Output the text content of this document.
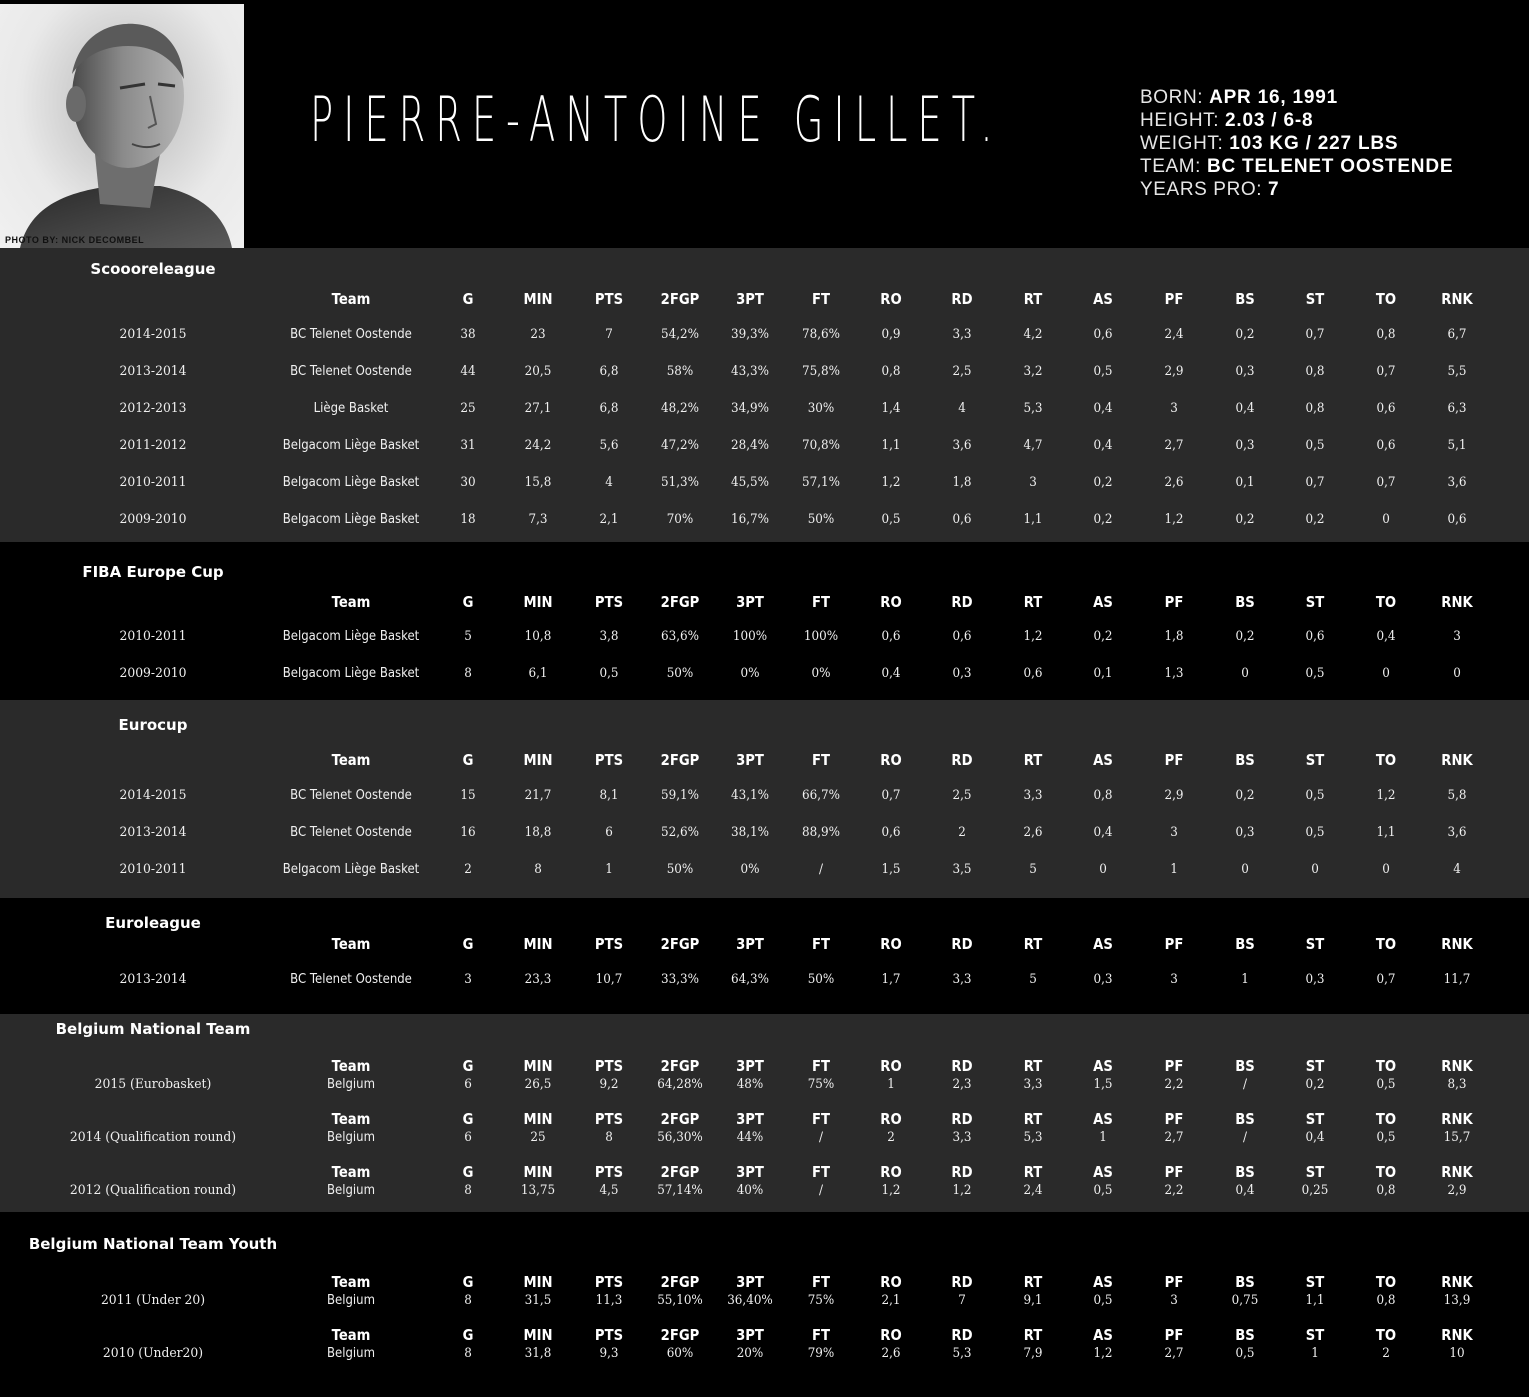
PHOTO BY: NICK DECOMBEL
PIERRE-ANTOINE GILLET.	BORN: APR 16, 1991
HEIGHT: 2.03 / 6-8
WEIGHT: 103 KG / 227 LBS
TEAM: BC TELENET OOSTENDE
YEARS PRO: 7
Scoooreleague
Team	G	MIN	PTS	2FGP 3PT	FT	RO	RD	RT	AS	PF	BS	ST	TO	RNK
2014-2015	BC Telenet Oostende	38	23	7	54,2% 39,3%	78,6%	0,9	3,3	4,2	0,6	2,4	0,2	0,7	0,8	6,7
2013-2014	BC Telenet Oostende	44	20,5	6,8	58%	43,3%	75,8%	0,8	2,5	3,2	0,5	2,9	0,3	0,8	0,7	5,5
2012-2013	Liège Basket	25	27,1	6,8	48,2% 34,9%	30%	1,4	4	5,3	0,4	3	0,4	0,8	0,6	6,3
2011-2012	Belgacom Liège Basket	31	24,2	5,6	47,2% 28,4%	70,8%	1,1	3,6	4,7	0,4	2,7	0,3	0,5	0,6	5,1
2010-2011	Belgacom Liège Basket	30	15,8	4	51,3% 45,5%	57,1%	1,2	1,8	3	0,2	2,6	0,1	0,7	0,7	3,6
2009-2010	Belgacom Liège Basket	18	7,3	2,1	70%	16,7%	50%	0,5	0,6	1,1	0,2	1,2	0,2	0,2	0	0,6
FIBA Europe Cup
Team	G	MIN	PTS	2FGP 3PT	FT	RO	RD	RT	AS	PF	BS	ST	TO	RNK
2010-2011	Belgacom Liège Basket	5	10,8	3,8	63,6%	100%	100%	0,6	0,6	1,2	0,2	1,8	0,2	0,6	0,4	3
2009-2010	Belgacom Liège Basket	8	6,1	0,5	50%	0%	0%	0,4	0,3	0,6	0,1	1,3	0	0,5	0	0
Eurocup
Team	G	MIN	PTS	2FGP 3PT	FT	RO	RD	RT	AS	PF	BS	ST	TO	RNK
2014-2015	BC Telenet Oostende	15	21,7	8,1	59,1% 43,1%	66,7%	0,7	2,5	3,3	0,8	2,9	0,2	0,5	1,2	5,8
2013-2014	BC Telenet Oostende	16	18,8	6	52,6% 38,1%	88,9%	0,6	2	2,6	0,4	3	0,3	0,5	1,1	3,6
2010-2011	Belgacom Liège Basket	2	8	1	50%	0%	/	1,5	3,5	5	0	1	0	0	0	4
Euroleague
Team	G	MIN	PTS	2FGP 3PT	FT	RO	RD	RT	AS	PF	BS	ST	TO	RNK
2013-2014	BC Telenet Oostende	3	23,3	10,7	33,3% 64,3%	50%	1,7	3,3	5	0,3	3	1	0,3	0,7	11,7
Belgium National Team
Team	G	MIN	PTS	2FGP 3PT	FT	RO	RD	RT	AS	PF	BS	ST	TO	RNK
2015 (Eurobasket)	Belgium	6	26,5	9,2	64,28%	48%	75%	1	2,3	3,3	1,5	2,2	/	0,2	0,5	8,3
Team	G	MIN	PTS	2FGP 3PT	FT	RO	RD	RT	AS	PF	BS	ST	TO	RNK
2014 (Qualification round)	Belgium	6	25	8	56,30%	44%	/	2	3,3	5,3	1	2,7	/	0,4	0,5	15,7
Team	G	MIN	PTS	2FGP 3PT	FT	RO	RD	RT	AS	PF	BS	ST	TO	RNK
2012 (Qualification round)	Belgium	8	13,75	4,5	57,14%	40%	/	1,2	1,2	2,4	0,5	2,2	0,4	0,25	0,8	2,9
Belgium National Team Youth
Team	G	MIN	PTS	2FGP 3PT	FT	RO	RD	RT	AS	PF	BS	ST	TO	RNK
2011 (Under 20)	Belgium	8	31,5	11,3	55,10% 36,40%	75%	2,1	7	9,1	0,5	3	0,75	1,1	0,8	13,9
Team	G	MIN	PTS	2FGP 3PT	FT	RO	RD	RT	AS	PF	BS	ST	TO	RNK
2010 (Under20)	Belgium	8	31,8	9,3	60%	20%	79%	2,6	5,3	7,9	1,2	2,7	0,5	1	2	10
